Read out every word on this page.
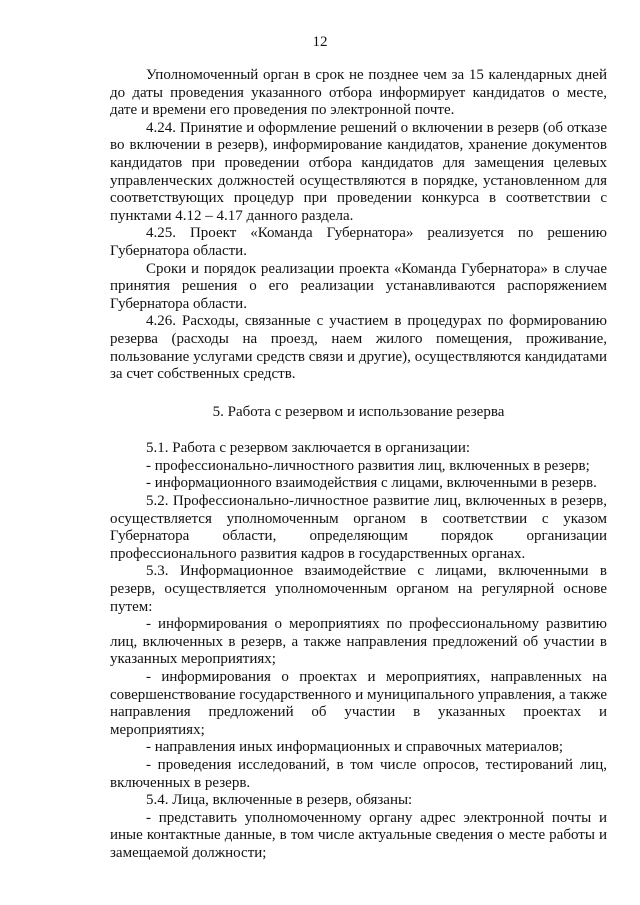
12

Уполномоченный орган в срок не позднее чем за 15 календарных дней до даты проведения указанного отбора информирует кандидатов о месте, дате и времени его проведения по электронной почте.

4.24. Принятие и оформление решений о включении в резерв (об отказе во включении в резерв), информирование кандидатов, хранение документов кандидатов при проведении отбора кандидатов для замещения целевых управленческих должностей осуществляются в порядке, установленном для соответствующих процедур при проведении конкурса в соответствии с пунктами 4.12 – 4.17 данного раздела.

4.25. Проект «Команда Губернатора» реализуется по решению Губернатора области.

Сроки и порядок реализации проекта «Команда Губернатора» в случае принятия решения о его реализации устанавливаются распоряжением Губернатора области.

4.26. Расходы, связанные с участием в процедурах по формированию резерва (расходы на проезд, наем жилого помещения, проживание, пользование услугами средств связи и другие), осуществляются кандидатами за счет собственных средств.

5. Работа с резервом и использование резерва

5.1. Работа с резервом заключается в организации:

- профессионально-личностного развития лиц, включенных в резерв;

- информационного взаимодействия с лицами, включенными в резерв.

5.2. Профессионально-личностное развитие лиц, включенных в резерв, осуществляется уполномоченным органом в соответствии с указом Губернатора области, определяющим порядок организации профессионального развития кадров в государственных органах.

5.3. Информационное взаимодействие с лицами, включенными в резерв, осуществляется уполномоченным органом на регулярной основе путем:

- информирования о мероприятиях по профессиональному развитию лиц, включенных в резерв, а также направления предложений об участии в указанных мероприятиях;

- информирования о проектах и мероприятиях, направленных на совершенствование государственного и муниципального управления, а также направления предложений об участии в указанных проектах и мероприятиях;

- направления иных информационных и справочных материалов;

- проведения исследований, в том числе опросов, тестирований лиц, включенных в резерв.

5.4. Лица, включенные в резерв, обязаны:

- представить уполномоченному органу адрес электронной почты и иные контактные данные, в том числе актуальные сведения о месте работы и замещаемой должности;
